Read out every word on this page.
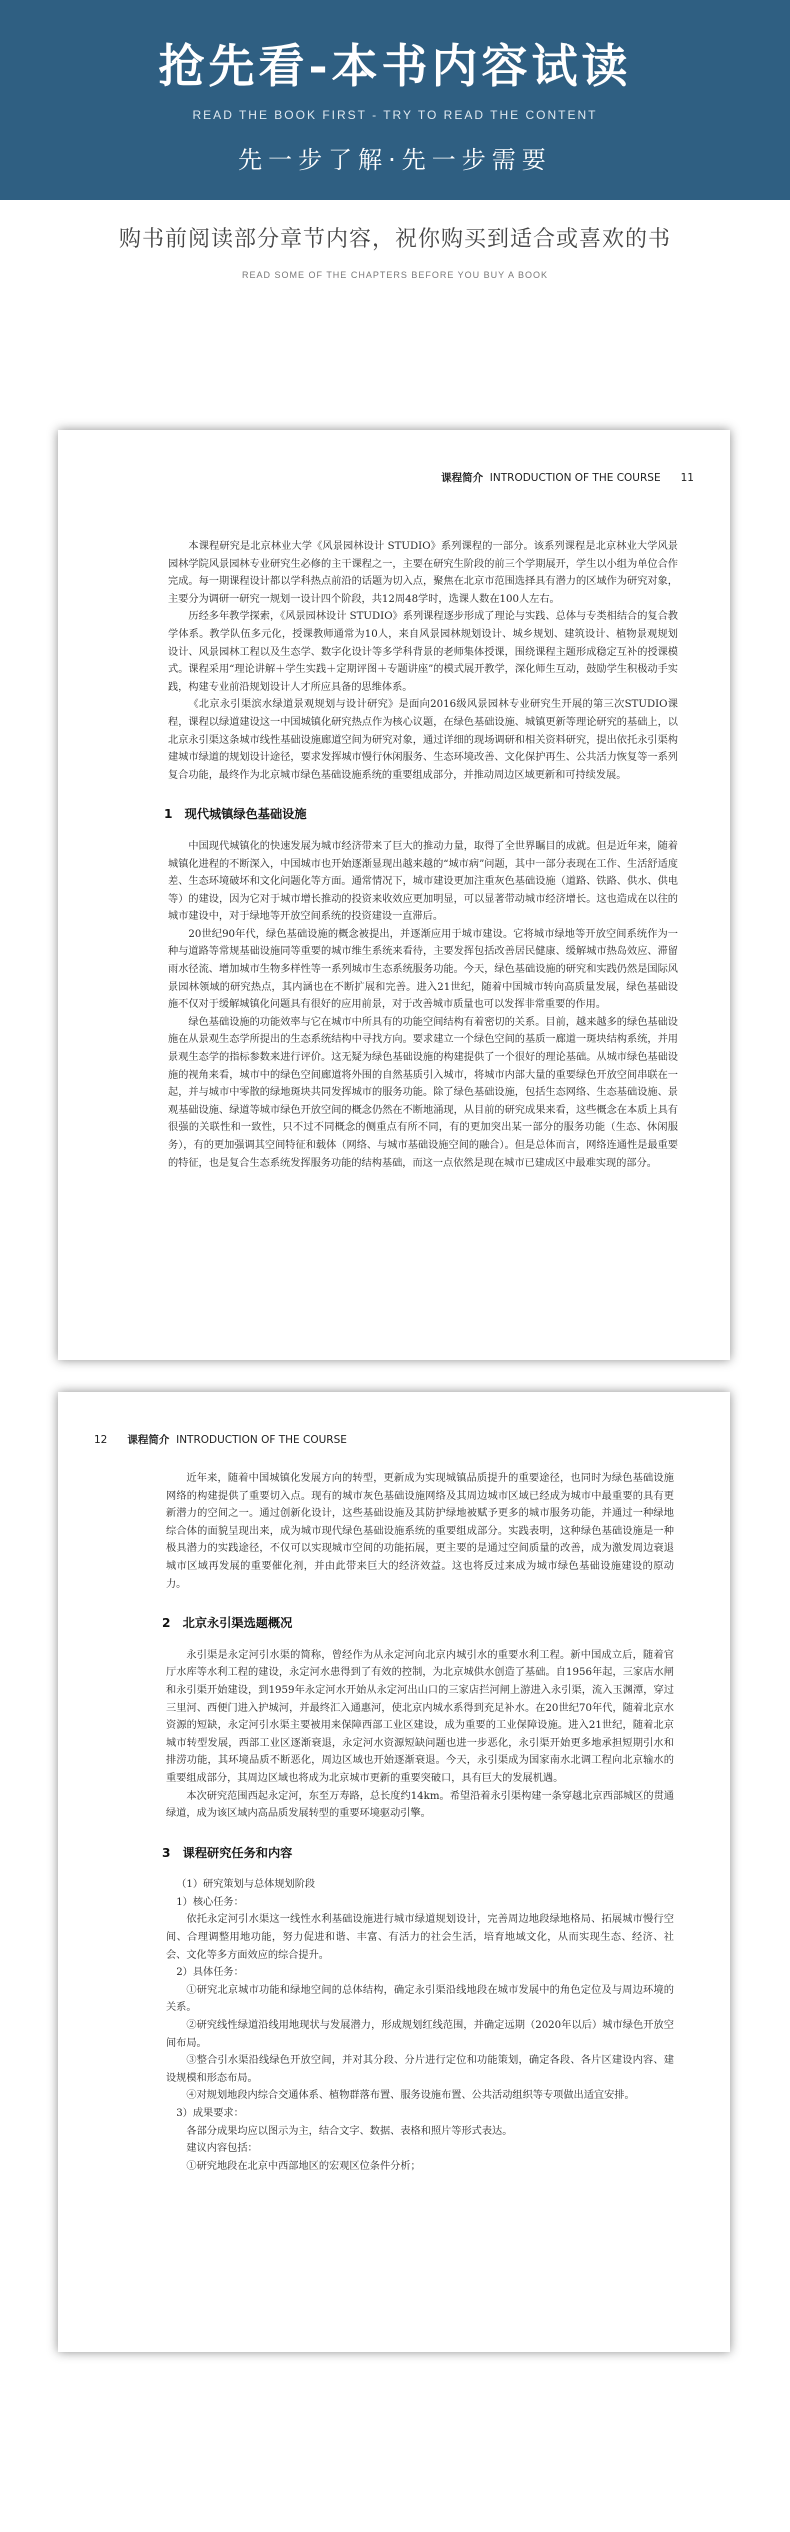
抢先看-本书内容试读
READ THE BOOK FIRST - TRY TO READ THE CONTENT
先一步了解·先一步需要
购书前阅读部分章节内容，祝你购买到适合或喜欢的书
READ SOME OF THE CHAPTERS BEFORE YOU BUY A BOOK
课程简介 INTRODUCTION OF THE COURSE 11

本课程研究是北京林业大学《风景园林设计 STUDIO》系列课程的一部分。该系列课程是北京林业大学风景园林学院风景园林专业研究生必修的主干课程之一，主要在研究生阶段的前三个学期展开，学生以小组为单位合作完成。每一期课程设计都以学科热点前沿的话题为切入点，聚焦在北京市范围选择具有潜力的区域作为研究对象，主要分为调研一研究一规划一设计四个阶段，共12周48学时，选课人数在100人左右。

历经多年教学探索，《风景园林设计 STUDIO》系列课程逐步形成了理论与实践、总体与专类相结合的复合教学体系。教学队伍多元化，授课教师通常为10人，来自风景园林规划设计、城乡规划、建筑设计、植物景观规划设计、风景园林工程以及生态学、数字化设计等多学科背景的老师集体授课，围绕课程主题形成稳定互补的授课模式。课程采用“理论讲解＋学生实践＋定期评图＋专题讲座”的模式展开教学，深化师生互动，鼓励学生积极动手实践，构建专业前沿规划设计人才所应具备的思维体系。

《北京永引渠滨水绿道景观规划与设计研究》是面向2016级风景园林专业研究生开展的第三次STUDIO课程，课程以绿道建设这一中国城镇化研究热点作为核心议题，在绿色基础设施、城镇更新等理论研究的基础上，以北京永引渠这条城市线性基础设施廊道空间为研究对象，通过详细的现场调研和相关资料研究，提出依托永引渠构建城市绿道的规划设计途径，要求发挥城市慢行休闲服务、生态环境改善、文化保护再生、公共活力恢复等一系列复合功能，最终作为北京城市绿色基础设施系统的重要组成部分，并推动周边区域更新和可持续发展。

1　现代城镇绿色基础设施

中国现代城镇化的快速发展为城市经济带来了巨大的推动力量，取得了全世界瞩目的成就。但是近年来，随着城镇化进程的不断深入，中国城市也开始逐渐显现出越来越的“城市病”问题，其中一部分表现在工作、生活舒适度差、生态环境破坏和文化问题化等方面。通常情况下，城市建设更加注重灰色基础设施（道路、铁路、供水、供电等）的建设，因为它对于城市增长推动的投资来收效应更加明显，可以显著带动城市经济增长。这也造成在以往的城市建设中，对于绿地等开放空间系统的投资建设一直滞后。

20世纪90年代，绿色基础设施的概念被提出，并逐渐应用于城市建设。它将城市绿地等开放空间系统作为一种与道路等常规基础设施同等重要的城市维生系统来看待，主要发挥包括改善居民健康、缓解城市热岛效应、滞留雨水径流、增加城市生物多样性等一系列城市生态系统服务功能。今天，绿色基础设施的研究和实践仍然是国际风景园林领域的研究热点，其内涵也在不断扩展和完善。进入21世纪，随着中国城市转向高质量发展，绿色基础设施不仅对于缓解城镇化问题具有很好的应用前景，对于改善城市质量也可以发挥非常重要的作用。

绿色基础设施的功能效率与它在城市中所具有的功能空间结构有着密切的关系。目前，越来越多的绿色基础设施在从景观生态学所提出的生态系统结构中寻找方向。要求建立一个绿色空间的基质一廊道一斑块结构系统，并用景观生态学的指标参数来进行评价。这无疑为绿色基础设施的构建提供了一个很好的理论基础。从城市绿色基础设施的视角来看，城市中的绿色空间廊道将外围的自然基质引入城市，将城市内部大量的重要绿色开放空间串联在一起，并与城市中零散的绿地斑块共同发挥城市的服务功能。除了绿色基础设施，包括生态网络、生态基础设施、景观基础设施、绿道等城市绿色开放空间的概念仍然在不断地涌现，从目前的研究成果来看，这些概念在本质上具有很强的关联性和一致性，只不过不同概念的侧重点有所不同，有的更加突出某一部分的服务功能（生态、休闲服务），有的更加强调其空间特征和载体（网络、与城市基础设施空间的融合）。但是总体而言，网络连通性是最重要的特征，也是复合生态系统发挥服务功能的结构基础，而这一点依然是现在城市已建成区中最难实现的部分。

12 课程简介 INTRODUCTION OF THE COURSE

近年来，随着中国城镇化发展方向的转型，更新成为实现城镇品质提升的重要途径，也同时为绿色基础设施网络的构建提供了重要切入点。现有的城市灰色基础设施网络及其周边城市区域已经成为城市中最重要的具有更新潜力的空间之一。通过创新化设计，这些基础设施及其防护绿地被赋予更多的城市服务功能，并通过一种绿地综合体的面貌呈现出来，成为城市现代绿色基础设施系统的重要组成部分。实践表明，这种绿色基础设施是一种极具潜力的实践途径，不仅可以实现城市空间的功能拓展，更主要的是通过空间质量的改善，成为激发周边衰退城市区域再发展的重要催化剂，并由此带来巨大的经济效益。这也将反过来成为城市绿色基础设施建设的原动力。

2　北京永引渠选题概况

永引渠是永定河引水渠的简称，曾经作为从永定河向北京内城引水的重要水利工程。新中国成立后，随着官厅水库等水利工程的建设，永定河水患得到了有效的控制，为北京城供水创造了基础。自1956年起，三家店水闸和永引渠开始建设，到1959年永定河水开始从永定河出山口的三家店拦河闸上游进入永引渠，流入玉渊潭，穿过三里河、西便门进入护城河，并最终汇入通惠河，使北京内城水系得到充足补水。在20世纪70年代，随着北京水资源的短缺，永定河引水渠主要被用来保障西部工业区建设，成为重要的工业保障设施。进入21世纪，随着北京城市转型发展，西部工业区逐渐衰退，永定河水资源短缺问题也进一步恶化，永引渠开始更多地承担短期引水和排涝功能，其环境品质不断恶化，周边区域也开始逐渐衰退。今天，永引渠成为国家南水北调工程向北京输水的重要组成部分，其周边区域也将成为北京城市更新的重要突破口，具有巨大的发展机遇。

本次研究范围西起永定河，东至万寿路，总长度约14km。希望沿着永引渠构建一条穿越北京西部城区的贯通绿道，成为该区域内高品质发展转型的重要环境驱动引擎。

3　课程研究任务和内容

（1）研究策划与总体规划阶段

1）核心任务：

依托永定河引水渠这一线性水利基础设施进行城市绿道规划设计，完善周边地段绿地格局、拓展城市慢行空间、合理调整用地功能，努力促进和谐、丰富、有活力的社会生活，培育地域文化，从而实现生态、经济、社会、文化等多方面效应的综合提升。

2）具体任务：

①研究北京城市功能和绿地空间的总体结构，确定永引渠沿线地段在城市发展中的角色定位及与周边环境的关系。

②研究线性绿道沿线用地现状与发展潜力，形成规划红线范围，并确定远期（2020年以后）城市绿色开放空间布局。

③整合引水渠沿线绿色开放空间，并对其分段、分片进行定位和功能策划，确定各段、各片区建设内容、建设规模和形态布局。

④对规划地段内综合交通体系、植物群落布置、服务设施布置、公共活动组织等专项做出适宜安排。

3）成果要求：

各部分成果均应以图示为主，结合文字、数据、表格和照片等形式表达。

建议内容包括：

①研究地段在北京中西部地区的宏观区位条件分析；
